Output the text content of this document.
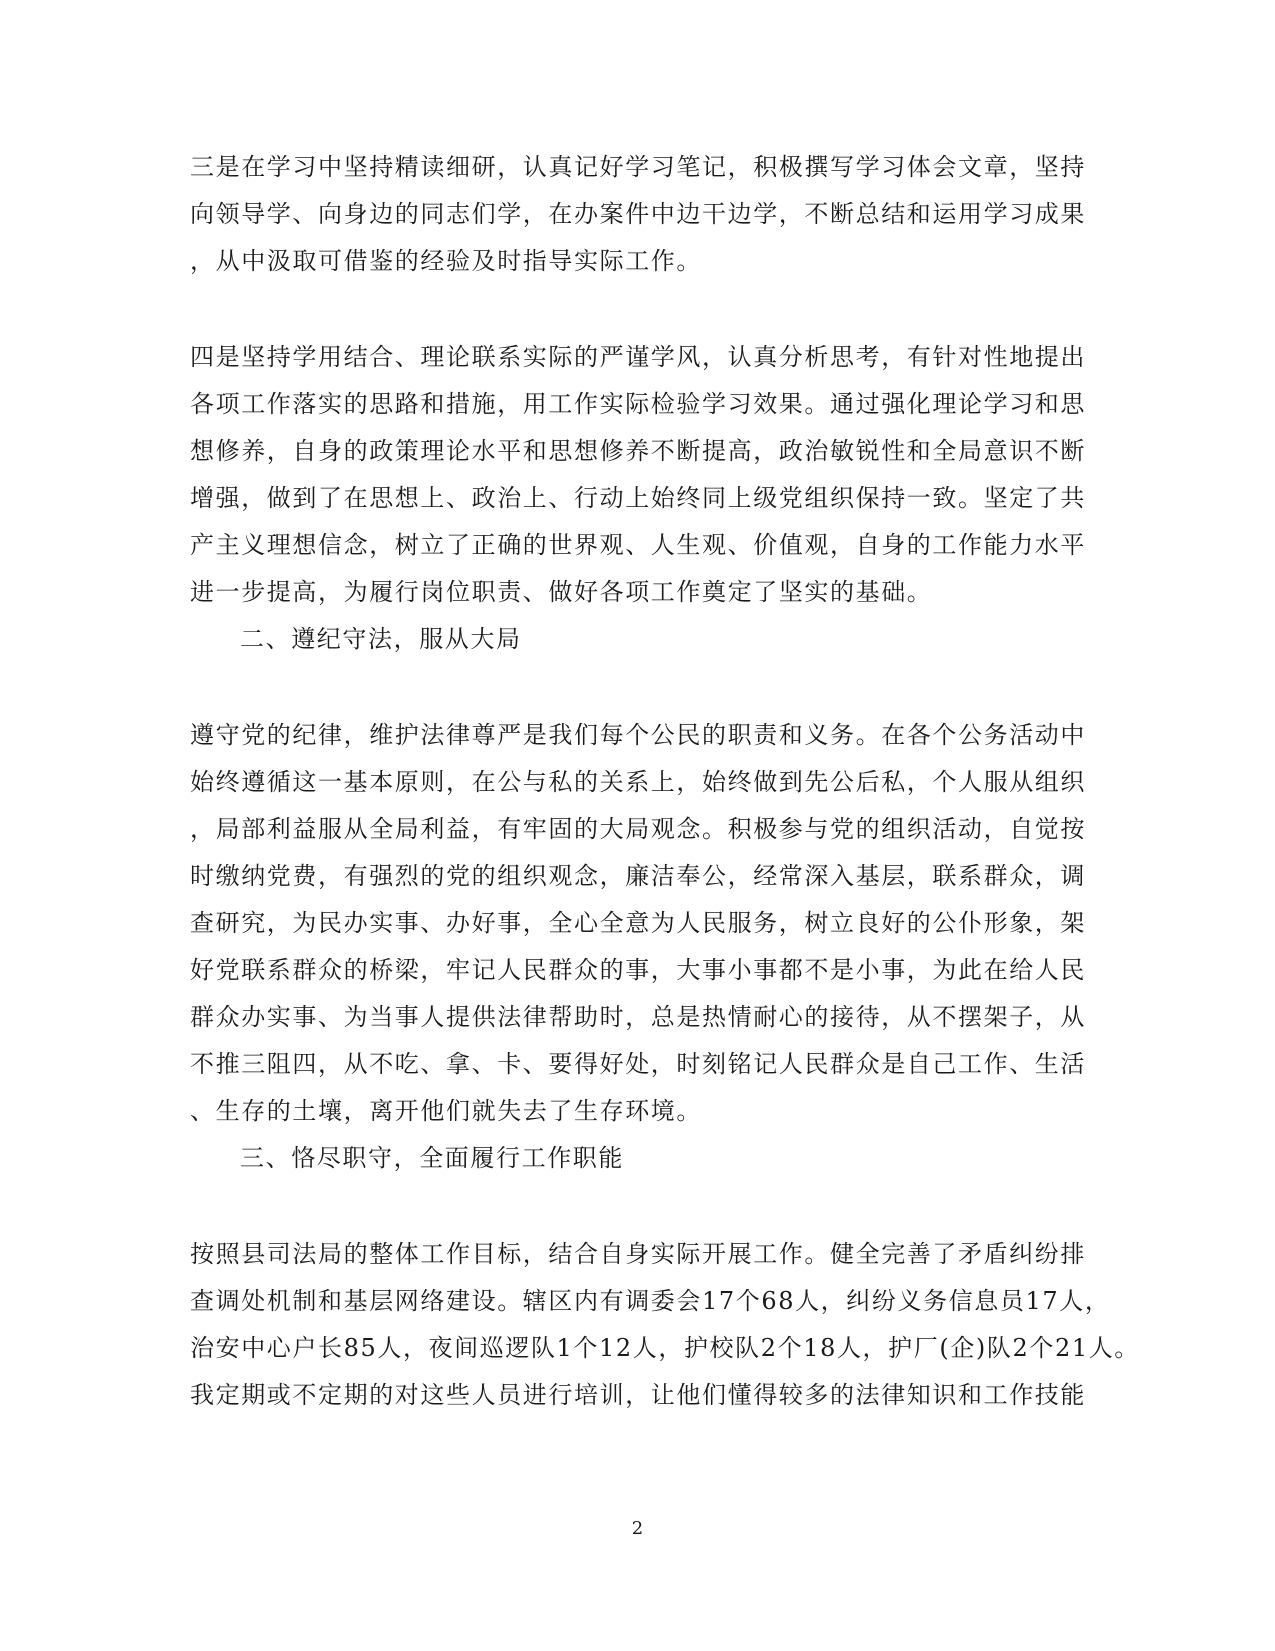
三是在学习中坚持精读细研，认真记好学习笔记，积极撰写学习体会文章，坚持
向领导学、向身边的同志们学，在办案件中边干边学，不断总结和运用学习成果
，从中汲取可借鉴的经验及时指导实际工作。
四是坚持学用结合、理论联系实际的严谨学风，认真分析思考，有针对性地提出
各项工作落实的思路和措施，用工作实际检验学习效果。通过强化理论学习和思
想修养，自身的政策理论水平和思想修养不断提高，政治敏锐性和全局意识不断
增强，做到了在思想上、政治上、行动上始终同上级党组织保持一致。坚定了共
产主义理想信念，树立了正确的世界观、人生观、价值观，自身的工作能力水平
进一步提高，为履行岗位职责、做好各项工作奠定了坚实的基础。
二、遵纪守法，服从大局
遵守党的纪律，维护法律尊严是我们每个公民的职责和义务。在各个公务活动中
始终遵循这一基本原则，在公与私的关系上，始终做到先公后私，个人服从组织
，局部利益服从全局利益，有牢固的大局观念。积极参与党的组织活动，自觉按
时缴纳党费，有强烈的党的组织观念，廉洁奉公，经常深入基层，联系群众，调
查研究，为民办实事、办好事，全心全意为人民服务，树立良好的公仆形象，架
好党联系群众的桥梁，牢记人民群众的事，大事小事都不是小事，为此在给人民
群众办实事、为当事人提供法律帮助时，总是热情耐心的接待，从不摆架子，从
不推三阻四，从不吃、拿、卡、要得好处，时刻铭记人民群众是自己工作、生活
、生存的土壤，离开他们就失去了生存环境。
三、恪尽职守，全面履行工作职能
按照县司法局的整体工作目标，结合自身实际开展工作。健全完善了矛盾纠纷排
查调处机制和基层网络建设。辖区内有调委会17个68人，纠纷义务信息员17人，
治安中心户长85人，夜间巡逻队1个12人，护校队2个18人，护厂(企)队2个21人。
我定期或不定期的对这些人员进行培训，让他们懂得较多的法律知识和工作技能
2
